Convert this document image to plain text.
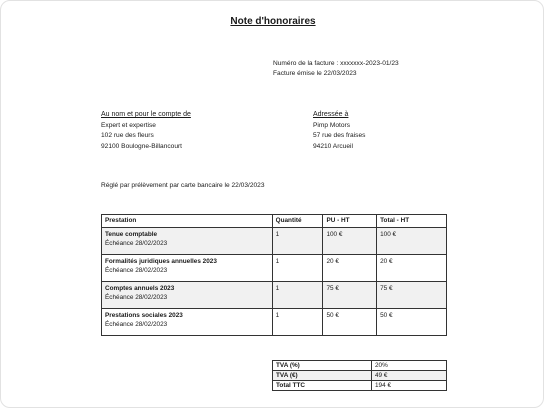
Note d'honoraires
Numéro de la facture : xxxxxxx-2023-01/23
Facture émise le 22/03/2023
Au nom et pour le compte de
Expert et expertise
102 rue des fleurs
92100 Boulogne-Billancourt
Adressée à
Pimp Motors
57 rue des fraises
94210 Arcueil
Réglé par prélèvement par carte bancaire le 22/03/2023
Prestation	Quantité	PU - HT	Total - HT

Tenue comptable
Échéance 28/02/2023	1	100 €	100 €

Formalités juridiques annuelles 2023
Échéance 28/02/2023	1	20 €	20 €

Comptes annuels 2023
Échéance 28/02/2023	1	75 €	75 €

Prestations sociales 2023
Échéance 28/02/2023	1	50 €	50 €
TVA (%)	20%
TVA (€)	49 €
Total TTC	194 €
